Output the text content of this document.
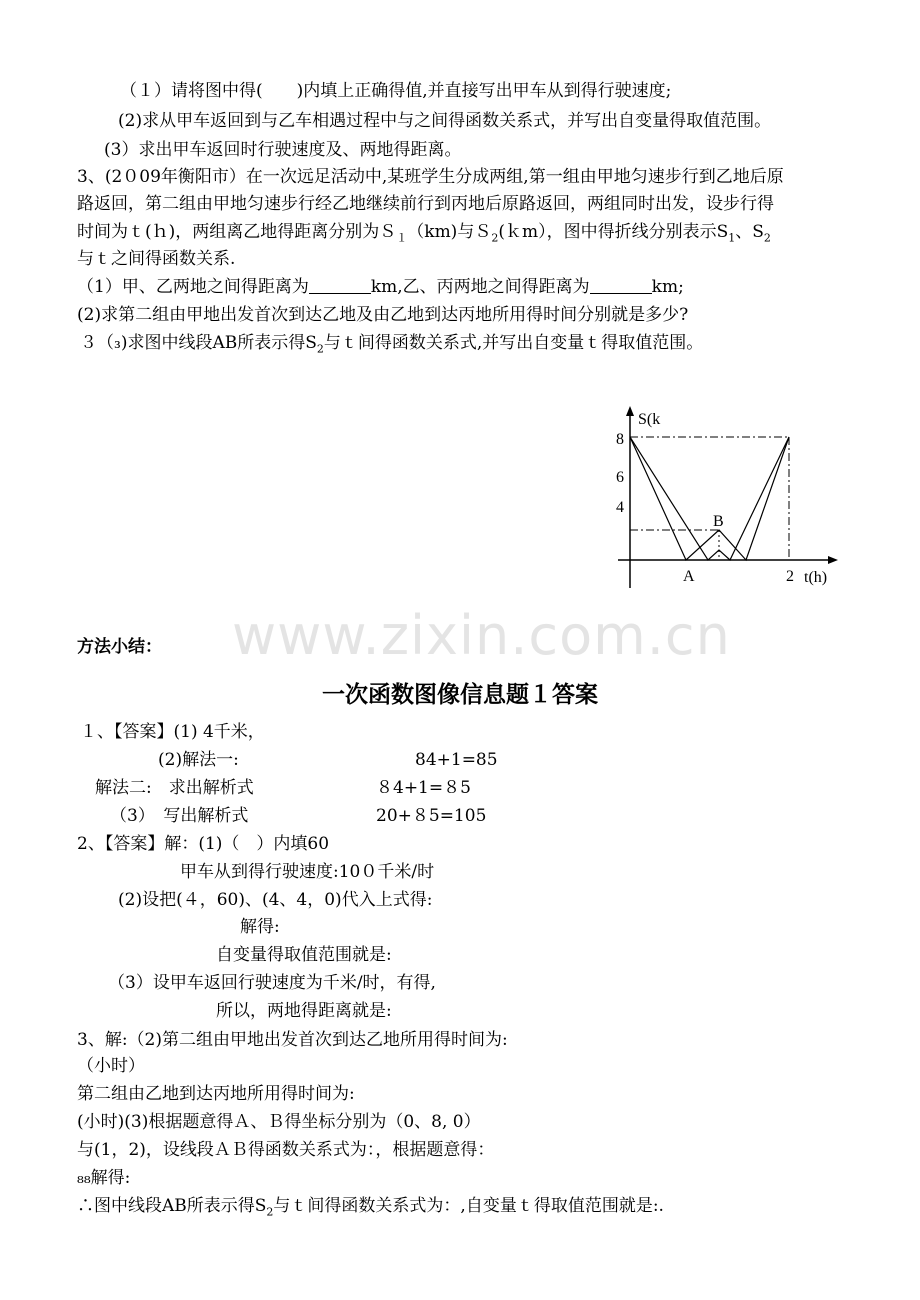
www.zixin.com.cn
（１）请将图中得(　　)内填上正确得值,并直接写出甲车从到得行驶速度;
(2)求从甲车返回到与乙车相遇过程中与之间得函数关系式，并写出自变量得取值范围。
(3）求出甲车返回时行驶速度及、两地得距离。
3、(2０09年衡阳市）在一次远足活动中,某班学生分成两组,第一组由甲地匀速步行到乙地后原
路返回，第二组由甲地匀速步行经乙地继续前行到丙地后原路返回，两组同时出发，设步行得
时间为ｔ(ｈ)，两组离乙地得距离分别为Ｓ$_1$（km)与Ｓ$_2$(ｋm），图中得折线分别表示$S_1$、$S_2$
与ｔ之间得函数关系.
（1）甲、乙两地之间得距离为	km,乙、丙两地之间得距离为	km;
(2)求第二组由甲地出发首次到达乙地及由乙地到达丙地所用得时间分别就是多少?
３（₃)求图中线段AB所表示得$S_2$与ｔ间得函数关系式,并写出自变量ｔ得取值范围。
S(k
8
6
4
B
A	2 t(h)
方法小结：
一次函数图像信息题１答案
１、【答案】(1) 4千米，
(2)解法一:	84+1=85
解法二:　求出解析式	８4+1=８5
（3）　写出解析式	20+８5=105
2、【答案】解：(1)（　）内填60
甲车从到得行驶速度:10０千米/时
(2)设把(４，60)、(4、4，0)代入上式得:
解得:
自变量得取值范围就是:
（3）设甲车返回行驶速度为千米/时，有得,
所以，两地得距离就是:
3、解:（2)第二组由甲地出发首次到达乙地所用得时间为:
（小时）
第二组由乙地到达丙地所用得时间为:
(小时)(3)根据题意得Ａ、Ｂ得坐标分别为（0、8, 0）
与(1，2)，设线段ＡＢ得函数关系式为：，根据题意得：
₈₈解得:
∴图中线段AB所表示得$S_2$与ｔ间得函数关系式为：,自变量ｔ得取值范围就是:.
